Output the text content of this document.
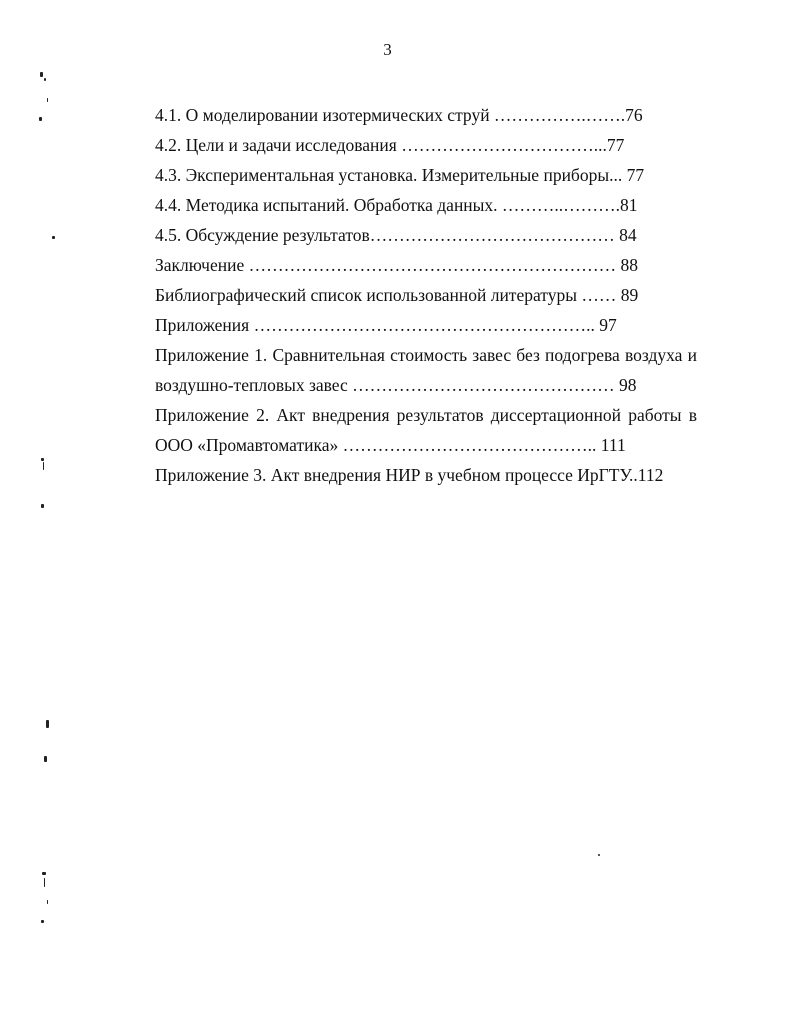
3
4.1. О моделировании изотермических струй …………….…….76
4.2. Цели и задачи исследования ……………………………...77
4.3. Экспериментальная установка. Измерительные приборы... 77
4.4. Методика испытаний. Обработка данных. ………..……….81
4.5. Обсуждение результатов…………………………………… 84
Заключение ……………………………………………………… 88
Библиографический список использованной литературы …… 89
Приложения ………………………………………………….. 97
Приложение 1. Сравнительная стоимость завес без подогрева воздуха и
воздушно-тепловых завес ……………………………………… 98
Приложение 2. Акт внедрения результатов диссертационной работы в
ООО «Промавтоматика» …………………………………….. 111
Приложение 3. Акт внедрения НИР в учебном процессе ИрГТУ..112
